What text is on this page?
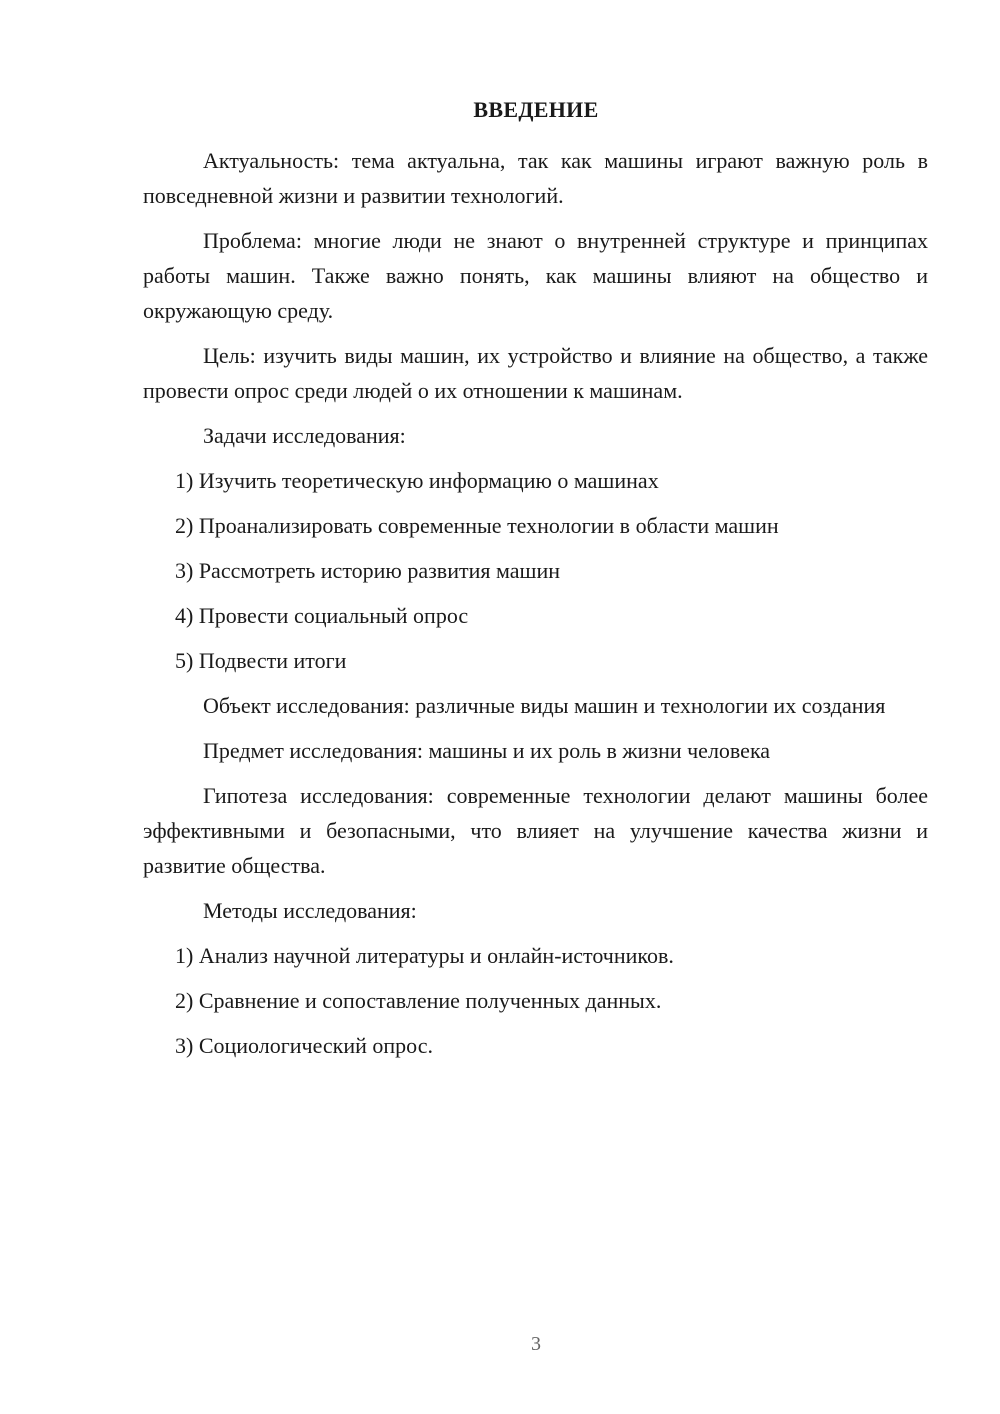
ВВЕДЕНИЕ

Актуальность: тема актуальна, так как машины играют важную роль в повседневной жизни и развитии технологий.

Проблема: многие люди не знают о внутренней структуре и принципах работы машин. Также важно понять, как машины влияют на общество и окружающую среду.

Цель: изучить виды машин, их устройство и влияние на общество, а также провести опрос среди людей о их отношении к машинам.

Задачи исследования:

1) Изучить теоретическую информацию о машинах
2) Проанализировать современные технологии в области машин
3) Рассмотреть историю развития машин
4) Провести социальный опрос
5) Подвести итоги

Объект исследования: различные виды машин и технологии их создания

Предмет исследования: машины и их роль в жизни человека

Гипотеза исследования: современные технологии делают машины более эффективными и безопасными, что влияет на улучшение качества жизни и развитие общества.

Методы исследования:

1) Анализ научной литературы и онлайн-источников.
2) Сравнение и сопоставление полученных данных.
3) Социологический опрос.
3
